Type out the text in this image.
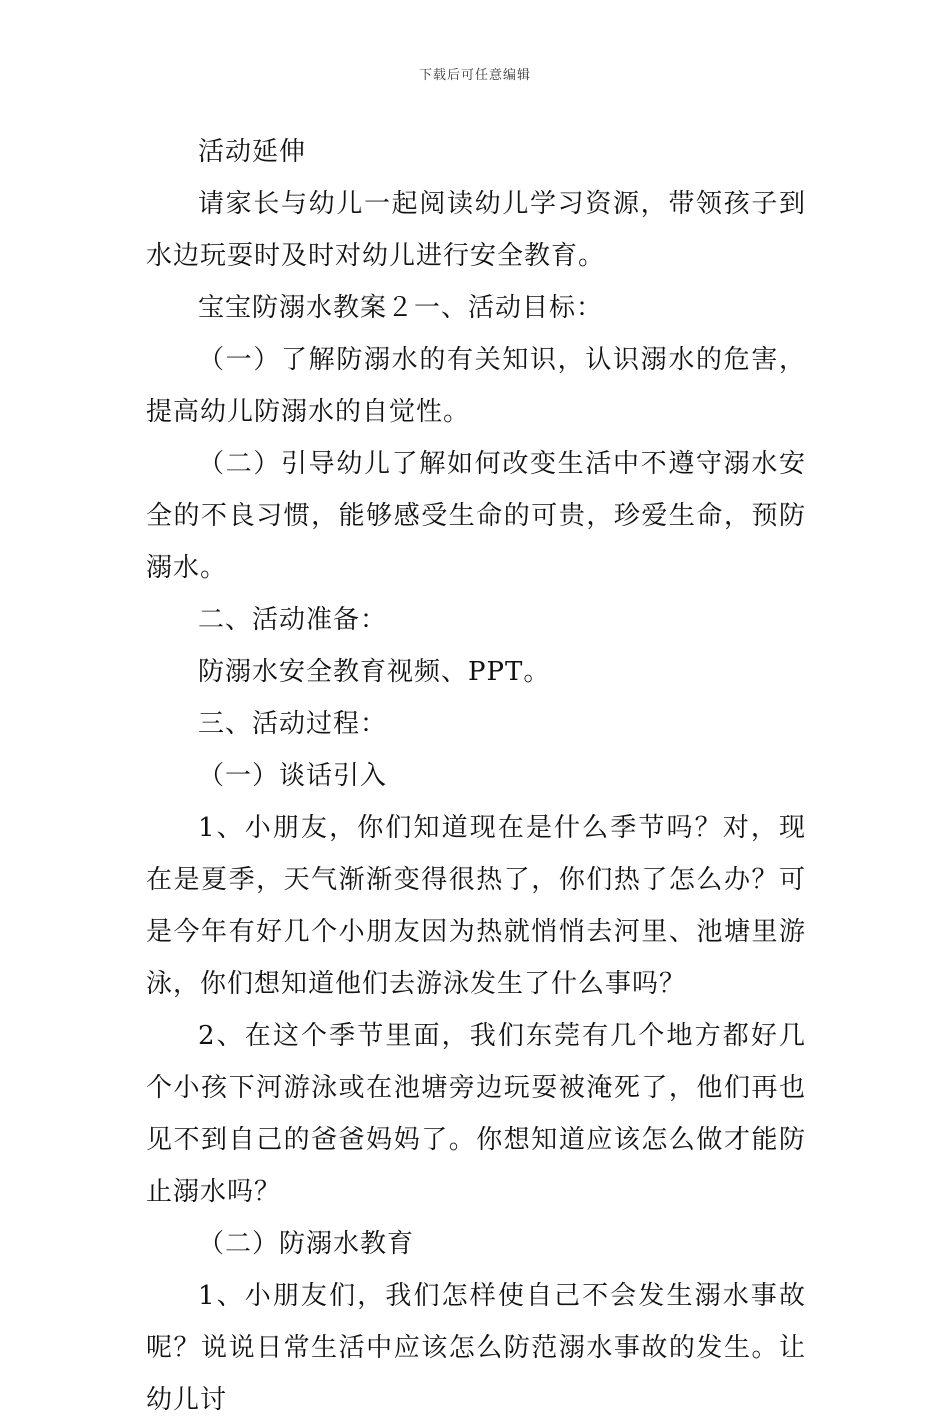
下载后可任意编辑

活动延伸

请家长与幼儿一起阅读幼儿学习资源，带领孩子到水边玩耍时及时对幼儿进行安全教育。

宝宝防溺水教案２一、活动目标：

（一）了解防溺水的有关知识，认识溺水的危害，提高幼儿防溺水的自觉性。

（二）引导幼儿了解如何改变生活中不遵守溺水安全的不良习惯，能够感受生命的可贵，珍爱生命，预防溺水。

二、活动准备：

防溺水安全教育视频、PPT。

三、活动过程：

（一）谈话引入

1、小朋友，你们知道现在是什么季节吗？对，现在是夏季，天气渐渐变得很热了，你们热了怎么办？可是今年有好几个小朋友因为热就悄悄去河里、池塘里游泳，你们想知道他们去游泳发生了什么事吗？

2、在这个季节里面，我们东莞有几个地方都好几个小孩下河游泳或在池塘旁边玩耍被淹死了，他们再也见不到自己的爸爸妈妈了。你想知道应该怎么做才能防止溺水吗？

（二）防溺水教育

1、小朋友们，我们怎样使自己不会发生溺水事故呢？说说日常生活中应该怎么防范溺水事故的发生。让幼儿讨
